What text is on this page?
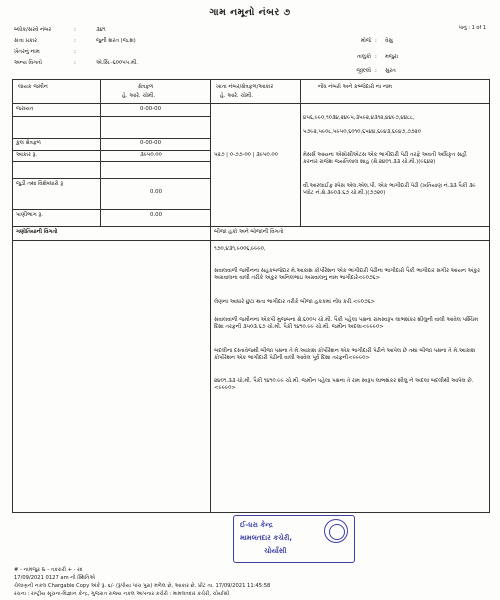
ગામ નમૂનો નંબર ૭
પાનું : 1 of 1
બ્લોક/સરવે નંબર	:	૩૪૧
સત્તા પ્રકાર	:	જુની શરત (જ.શ)
ખેતરનું નામ	:
અન્ય વિગતો	:	એ.સિ.-૬૦૦૫૫.મી.
મોજે : વેસુ
તાલુકો : મજુરા
જીલ્લો : સુરત
લાયક જમીન	ક્ષેત્રફળ
હે. આરે. ચોમી.
ખાતા નંબર/ક્ષેત્રફળ/આકાર
હે. આરે. ચોમી.
નોંધ નંબરો અને કબ્જેદારો ના નામ
જરાયત	0-00-00
કુલ ક્ષેત્રફળ	0-00-00
આકાર રૂ.	૩૯૫૦.૦૦
જુડી તથા વિશેષધારો રૂ
0.00
પાણીભાગ રૂ.	0.00
૫૨૭ | ૦-૭૭-૦૦ | ૩૯૫૦.૦૦
૪૫૬,૯૯૦,૧૦૩૪,૨૪૯૫,૩૫૯૨,૪૩૧૨,૪૪૯૭,૪૪૮૮,
૫૭૯૨,૫૯૦૮,૫૯૫૦,૬૦૧૦,૬૫૪૪,૬૯૪૩,૬૯૪૭,૭૭૨૦
મેસર્સ આયના એસોસીએટસ એક ભાગીદારી પેઢી તરફે અવતી અધિકૃત સહી કરનાર રાજેશ જયંતિલાલ શાહ (ક્ષે.૨૪૦૧.૩૩ ચો.મી.)(૯૬૪૨)
વી.આરલાઈફ સ્પેસ એલ.એલ.પી. એક ભાગીદારી પેઢી (ખતિયાણ નં.૩૩ પૈકી ૩૯ પ્લોટ નં.ક્ષે.૩૯૦૩.૬૭ ચો.મી.)(૭૭૨૦)
ગણોતિયાની વિગતો	બીજા હકો અને બોજાની વિગતો
૧૭૦,૪૩૧,૯૦૦૬,૯૯૯૦,
સવાલવાળી જમીનના સહકબજેદાર મે.આકાશ કોર્પોરેશન એક ભાગીદારી પેઢીના ભાગીદારો પૈકી ભાગીદાર સગીર આયન અંકુર અગ્રવાલના વાલી તરીકે અંકુર અનિલભાઇ અગ્રવાલનુ નામ ભાગીદારે<૯૦૭૬>
લેણના આધારે છુટા થતા ભાગીદાર તરીકે બીજા હકકમાં નોંધ કરી.<૯૦૭૬>
સવાલવાળી જમીનના એકપી મુજબના ક્ષે.૬૦૦૫ ચો.મી. પૈકી પહેલા પક્ષના રામસ્વરૂપ લાભશંકર શીલુની વાલી આવેલ પશ્ચિમ દિશા તરફની ૩૫૦૩.૬૭ ચો.મી. પૈકી ૧૪૧૦.૯૯ ચો.મી. જમીન અદલા<૯૯૯૦>
બદલીના દસ્તાવેજથી બીજા પક્ષના તે મે.આકાશ કોર્પોરેશન એક ભાગીદારી પેઢીને આપેલ છે તથા બીજા પક્ષના તે મે.આકાશ કોર્પોરેશન એક ભાગીદારી પેઢીની વાલી આવેલ પૂર્વ દિશા તરફની<૯૯૯૦>
૨૪૦૧.૩૩ ચો.મી. પૈકી ૧૪૧૦.૯૯ ચો.મી. જમીન પહેલા પક્ષના તે રામ સ્વરૂપ લાભશંકર શીલુ ને અદલા બદલીથી આપેલ છે.<૯૯૯૦>
ઈ-ધરા કેન્દ્ર
મામલતદાર કચેરી,
ચોર્યાસી
# - નામંજુર & - તકરારી + - રદ
17/09/2021 0127 am ની સ્થિતિએ
ચેલાણની નકલ Chargable Copy અંકે રૂ. ૬/- (રૂપીયા પાંચ પુરા) મળેલ છે, આકાર છે. પ્રીંટ તા. 17/09/2021 11:45:58
રચના : રાષ્ટ્રીય સૂચના-વિજ્ઞાન કેન્દ્ર, ગુજરાત રાજ્ય નકલ આપનાર કચેરી : મામલતદાર કચેરી, ચોર્યાસી
